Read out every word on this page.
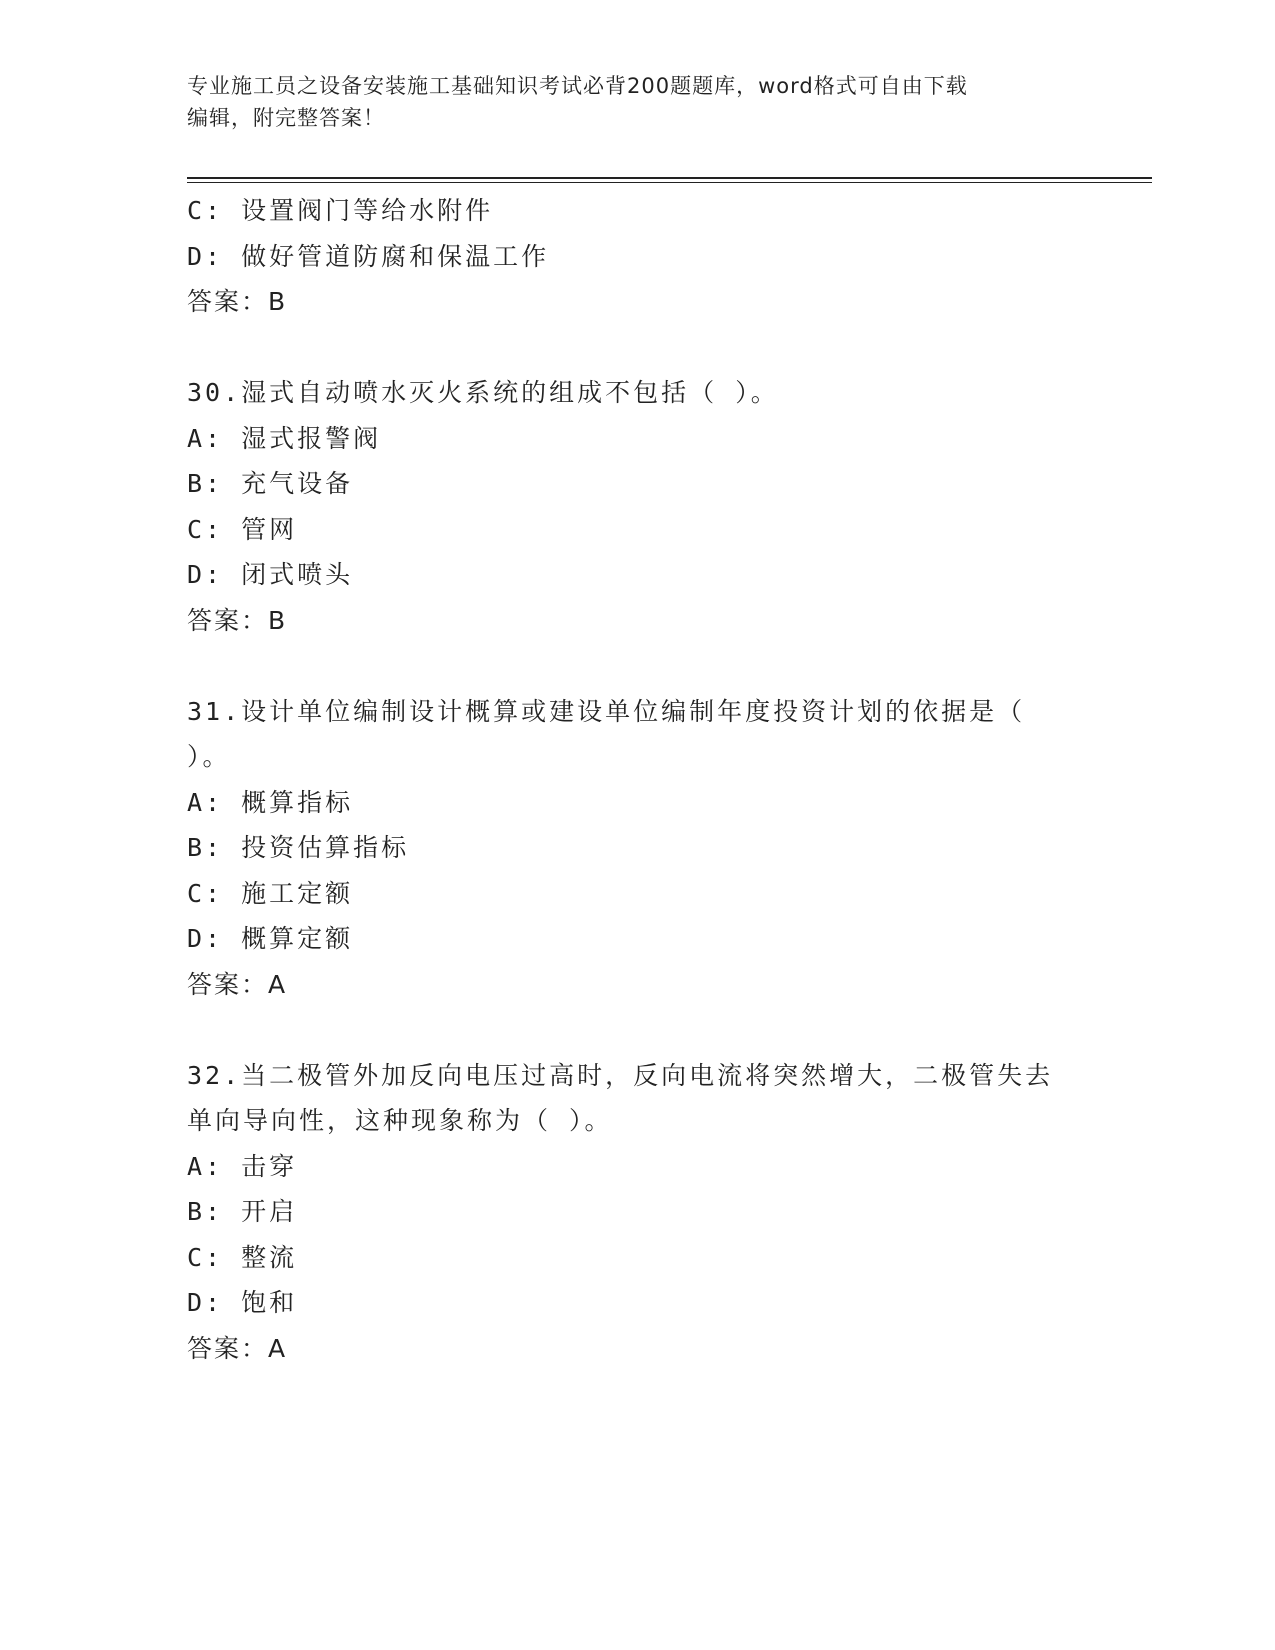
专业施工员之设备安装施工基础知识考试必背200题题库，word格式可自由下载
编辑，附完整答案！
C: 设置阀门等给水附件
D: 做好管道防腐和保温工作
答案：B
30.湿式自动喷水灭火系统的组成不包括（ ）。
A: 湿式报警阀
B: 充气设备
C: 管网
D: 闭式喷头
答案：B
31.设计单位编制设计概算或建设单位编制年度投资计划的依据是（
）。
A: 概算指标
B: 投资估算指标
C: 施工定额
D: 概算定额
答案：A
32.当二极管外加反向电压过高时，反向电流将突然增大，二极管失去
单向导向性，这种现象称为（ ）。
A: 击穿
B: 开启
C: 整流
D: 饱和
答案：A
